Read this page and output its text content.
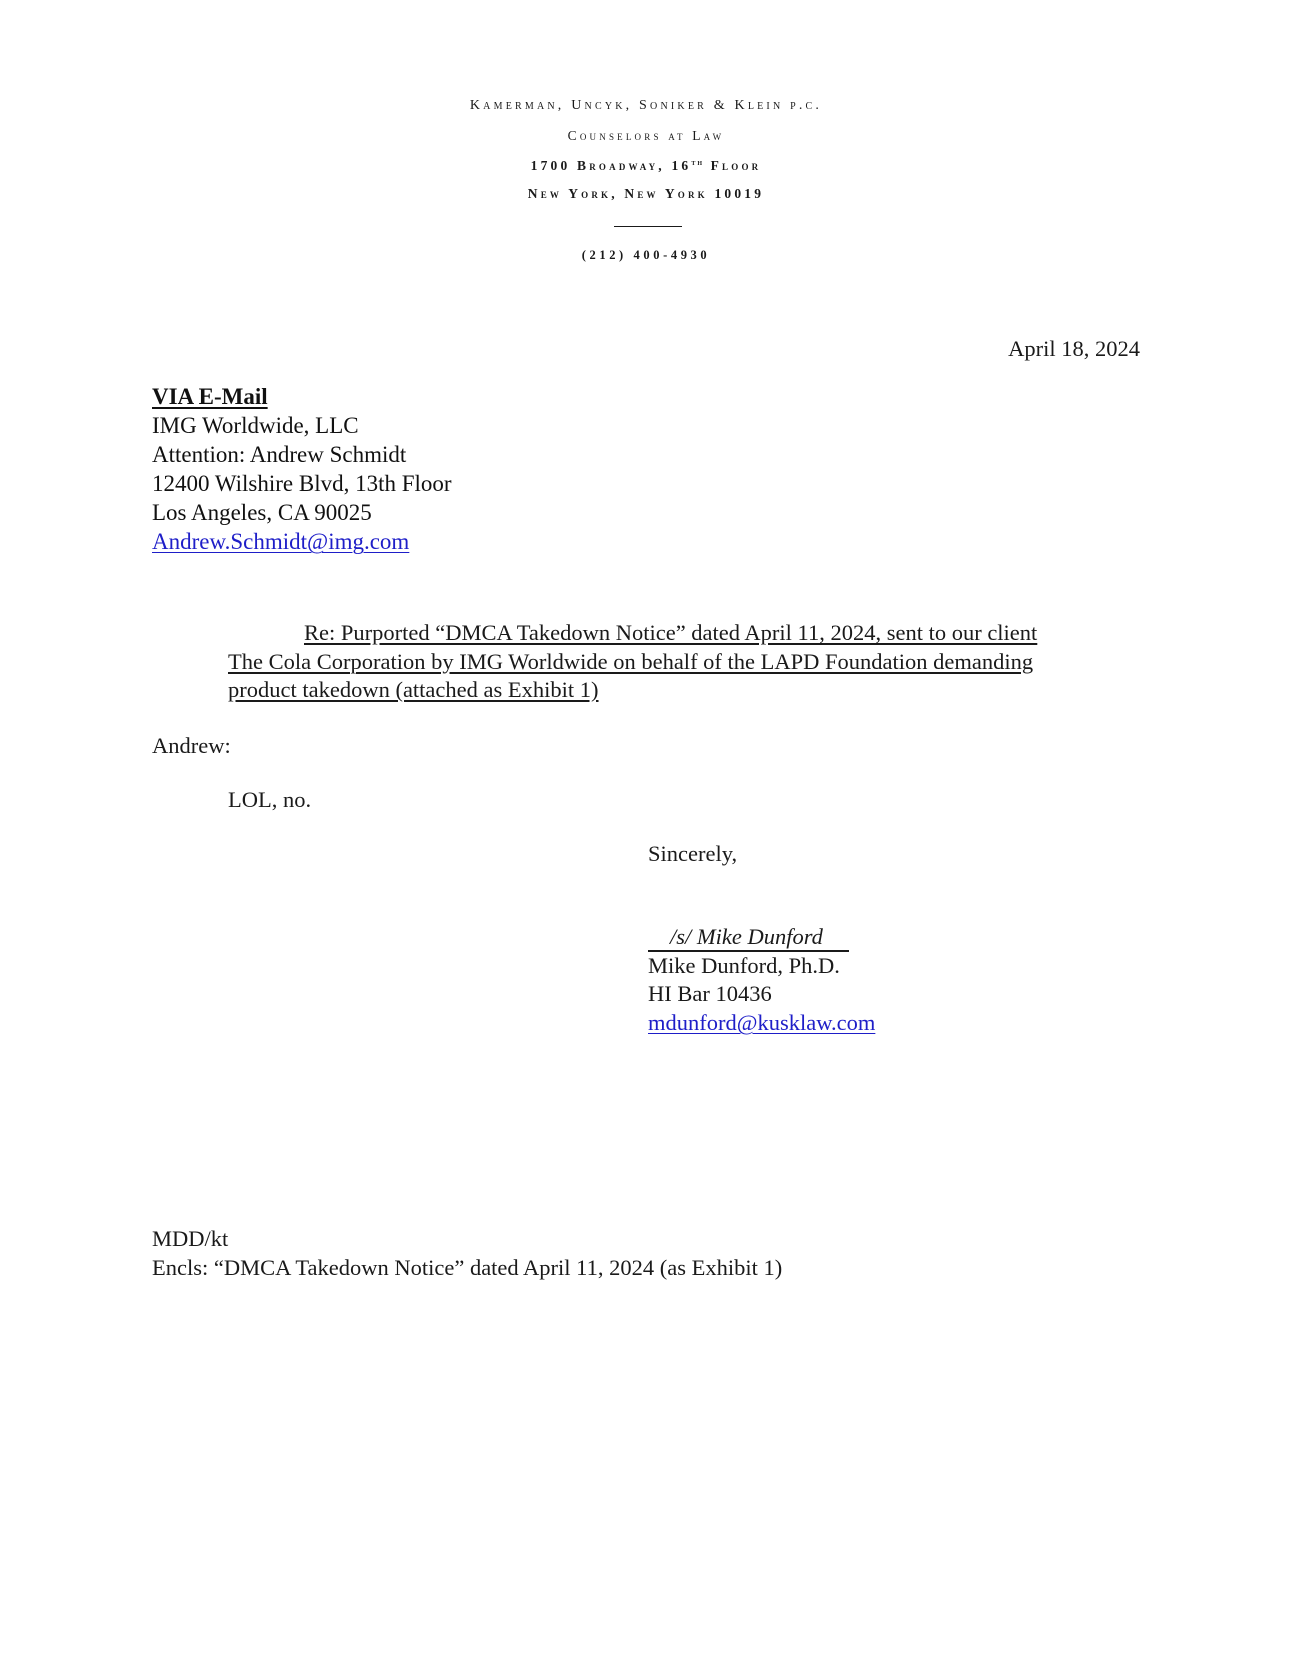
Kamerman, Uncyk, Soniker & Klein p.c.
Counselors at Law
1700 Broadway, 16th Floor
New York, New York 10019
(212) 400-4930
April 18, 2024
VIA E-Mail
IMG Worldwide, LLC
Attention: Andrew Schmidt
12400 Wilshire Blvd, 13th Floor
Los Angeles, CA 90025
Andrew.Schmidt@img.com
Re: Purported “DMCA Takedown Notice” dated April 11, 2024, sent to our client
The Cola Corporation by IMG Worldwide on behalf of the LAPD Foundation demanding
product takedown (attached as Exhibit 1)
Andrew:
LOL, no.
Sincerely,
/s/ Mike Dunford
Mike Dunford, Ph.D.
HI Bar 10436
mdunford@kusklaw.com
MDD/kt
Encls: “DMCA Takedown Notice” dated April 11, 2024 (as Exhibit 1)
